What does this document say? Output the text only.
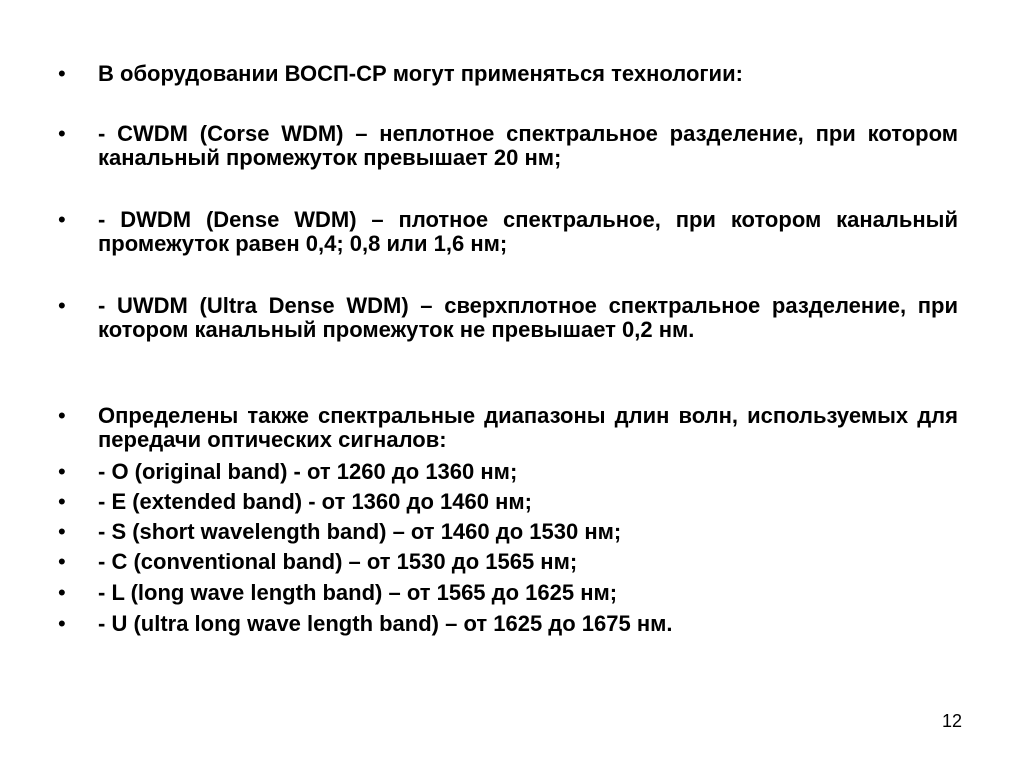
•	В оборудовании ВОСП-СР могут применяться технологии:
•	- CWDM (Corse WDM) – неплотное спектральное разделение, при котором канальный промежуток превышает 20 нм;
•	- DWDM (Dense WDM) – плотное спектральное, при котором канальный промежуток равен 0,4; 0,8 или 1,6 нм;
•	- UWDM (Ultra Dense WDM) – сверхплотное спектральное разделение, при котором канальный промежуток не превышает 0,2 нм.
•	Определены также спектральные диапазоны длин волн, используемых для передачи оптических сигналов:
•	- O (original band) - от 1260 до 1360 нм;
•	- E (extended band) - от 1360 до 1460 нм;
•	- S (short wavelength band) – от 1460 до 1530 нм;
•	- C (conventional band) – от 1530 до 1565 нм;
•	- L (long wave length band) – от 1565 до 1625 нм;
•	- U (ultra long wave length band) – от 1625 до 1675 нм.
12
